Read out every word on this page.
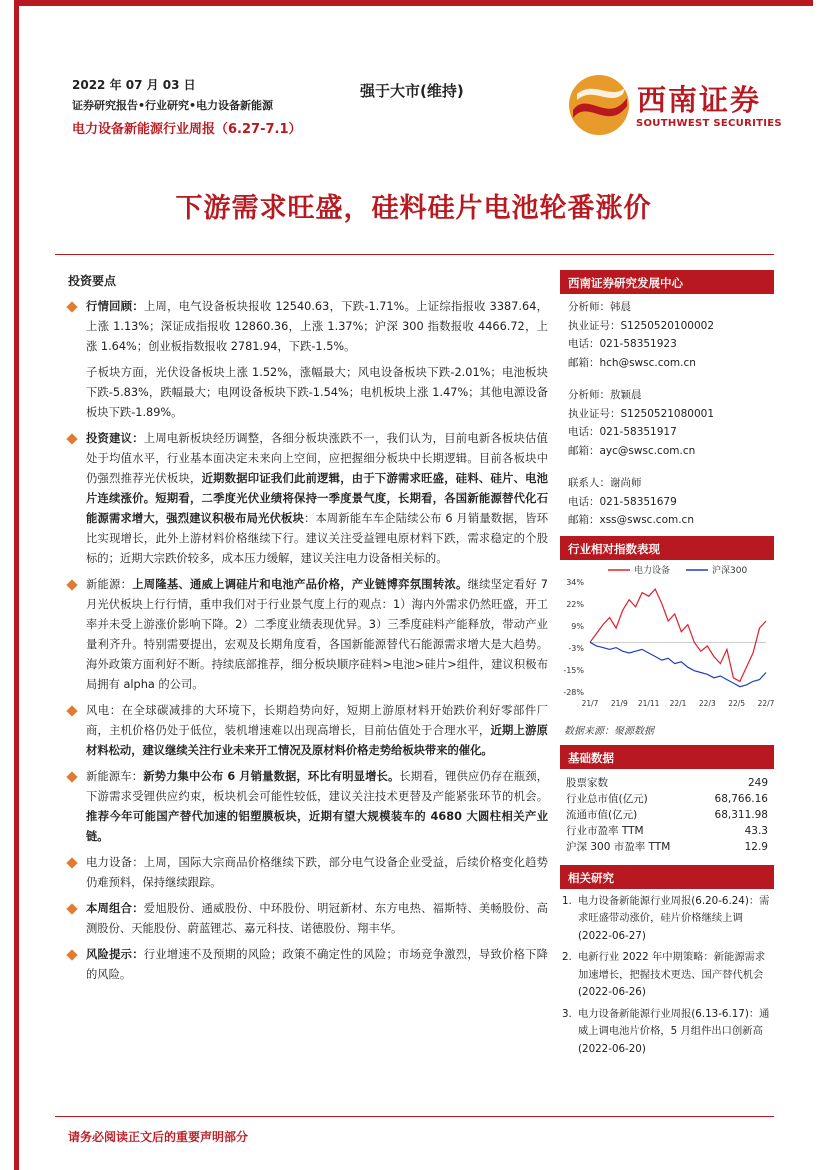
2022 年 07 月 03 日
证券研究报告•行业研究•电力设备新能源
电力设备新能源行业周报（6.27-7.1）
强于大市(维持)	西南证券
SOUTHWEST SECURITIES
下游需求旺盛，硅料硅片电池轮番涨价
投资要点
行情回顾：上周，电气设备板块报收 12540.63，下跌-1.71%。上证综指报收 3387.64，上涨 1.13%；深证成指报收 12860.36，上涨 1.37%；沪深 300 指数报收 4466.72，上涨 1.64%；创业板指数报收 2781.94，下跌-1.5%。
子板块方面，光伏设备板块上涨 1.52%，涨幅最大；风电设备板块下跌-2.01%；电池板块下跌-5.83%，跌幅最大；电网设备板块下跌-1.54%；电机板块上涨 1.47%；其他电源设备板块下跌-1.89%。
投资建议：上周电新板块经历调整，各细分板块涨跌不一，我们认为，目前电新各板块估值处于均值水平，行业基本面决定未来向上空间，应把握细分板块中长期逻辑。目前各板块中仍强烈推荐光伏板块，近期数据印证我们此前逻辑，由于下游需求旺盛，硅料、硅片、电池片连续涨价。短期看，二季度光伏业绩将保持一季度景气度，长期看，各国新能源替代化石能源需求增大，强烈建议积极布局光伏板块：本周新能车车企陆续公布 6 月销量数据，皆环比实现增长，此外上游材料价格继续下行。建议关注受益锂电原材料下跌，需求稳定的个股标的；近期大宗跌价较多，成本压力缓解，建议关注电力设备相关标的。
新能源：上周隆基、通威上调硅片和电池产品价格，产业链博弈氛围转浓。继续坚定看好 7 月光伏板块上行行情，重申我们对于行业景气度上行的观点：1）海内外需求仍然旺盛，开工率并未受上游涨价影响下降。2）二季度业绩表现优异。3）三季度硅料产能释放，带动产业量利齐升。特别需要提出，宏观及长期角度看，各国新能源替代石能源需求增大是大趋势。海外政策方面利好不断。持续底部推荐，细分板块顺序硅料>电池>硅片>组件，建议积极布局拥有 alpha 的公司。
风电：在全球碳减排的大环境下，长期趋势向好，短期上游原材料开始跌价利好零部件厂商，主机价格仍处于低位，装机增速难以出现高增长，目前估值处于合理水平，近期上游原材料松动，建议继续关注行业未来开工情况及原材料价格走势给板块带来的催化。
新能源车：新势力集中公布 6 月销量数据，环比有明显增长。长期看，锂供应仍存在瓶颈，下游需求受锂供应约束，板块机会可能性较低，建议关注技术更替及产能紧张环节的机会。推荐今年可能国产替代加速的铝塑膜板块，近期有望大规模装车的 4680 大圆柱相关产业链。
电力设备：上周，国际大宗商品价格继续下跌，部分电气设备企业受益，后续价格变化趋势仍难预料，保持继续跟踪。
本周组合：爱旭股份、通威股份、中环股份、明冠新材、东方电热、福斯特、美畅股份、高测股份、天能股份、蔚蓝锂芯、嘉元科技、诺德股份、翔丰华。
风险提示：行业增速不及预期的风险；政策不确定性的风险；市场竞争激烈，导致价格下降的风险。
西南证券研究发展中心
分析师：韩晨
执业证号：S1250520100002
电话：021-58351923
邮箱：hch@swsc.com.cn
分析师：敖颖晨
执业证号：S1250521080001
电话：021-58351917
邮箱：ayc@swsc.com.cn
联系人：谢尚师
电话：021-58351679
邮箱：xss@swsc.com.cn
行业相对指数表现
电力设备	沪深300
34%
22%
9%
-3%
-15%
-28%
21/7 21/9 21/11 22/1 22/3 22/5 22/7
数据来源：聚源数据
基础数据
股票家数	249
行业总市值(亿元)	68,766.16
流通市值(亿元)	68,311.98
行业市盈率 TTM	43.3
沪深 300 市盈率 TTM	12.9
相关研究
1. 电力设备新能源行业周报(6.20-6.24)：需求旺盛带动涨价，硅片价格继续上调 (2022-06-27)
2. 电新行业 2022 年中期策略：新能源需求加速增长，把握技术更迭、国产替代机会 (2022-06-26)
3. 电力设备新能源行业周报(6.13-6.17)：通威上调电池片价格，5 月组件出口创新高 (2022-06-20)
请务必阅读正文后的重要声明部分
